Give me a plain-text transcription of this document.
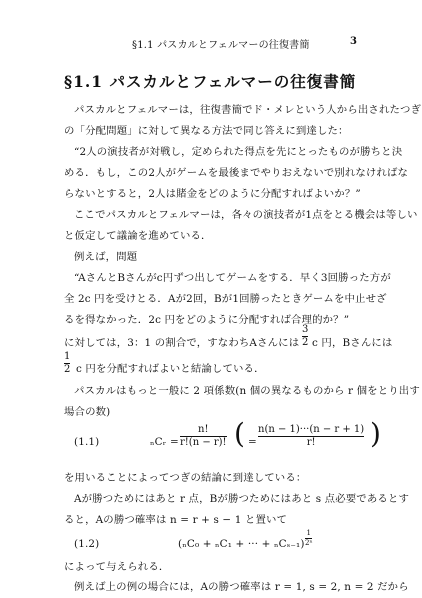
§1.1 パスカルとフェルマーの往復書簡	3
§1.1 パスカルとフェルマーの往復書簡
パスカルとフェルマーは，往復書簡でド・メレという人から出されたつぎ
の「分配問題」に対して異なる方法で同じ答えに到達した：
“2人の演技者が対戦し，定められた得点を先にとったものが勝ちと決
める．もし，この2人がゲームを最後までやりおえないで別れなければな
らないとすると，2人は賭金をどのように分配すればよいか？”
ここでパスカルとフェルマーは，各々の演技者が1点をとる機会は等しい
と仮定して議論を進めている．
例えば，問題
“AさんとBさんがc円ずつ出してゲームをする．早く3回勝った方が
全 2c 円を受けとる．Aが2回，Bが1回勝ったときゲームを中止せざ
るを得なかった．2c 円をどのように分配すれば合理的か？”
に対しては，3：1 の割合で，すなわちAさんには
3
2 c 円，Bさんには
1
2 c 円を分配すればよいと結論している．
パスカルはもっと一般に 2 項係数(n 個の異なるものから r 個をとり出す
場合の数)
(1.1)	ₙCᵣ =
n!
r!(n − r)! ( =
n(n − 1)···(n − r + 1)
r! )
を用いることによってつぎの結論に到達している：
Aが勝つためにはあと r 点，Bが勝つためにはあと s 点必要であるとす
ると，Aの勝つ確率は n = r + s − 1 と置いて
(1.2)	(ₙC₀ + ₙC₁ + ··· + ₙCₛ₋₁)
1
2ⁿ
によって与えられる．
例えば上の例の場合には，Aの勝つ確率は r = 1, s = 2, n = 2 だから
